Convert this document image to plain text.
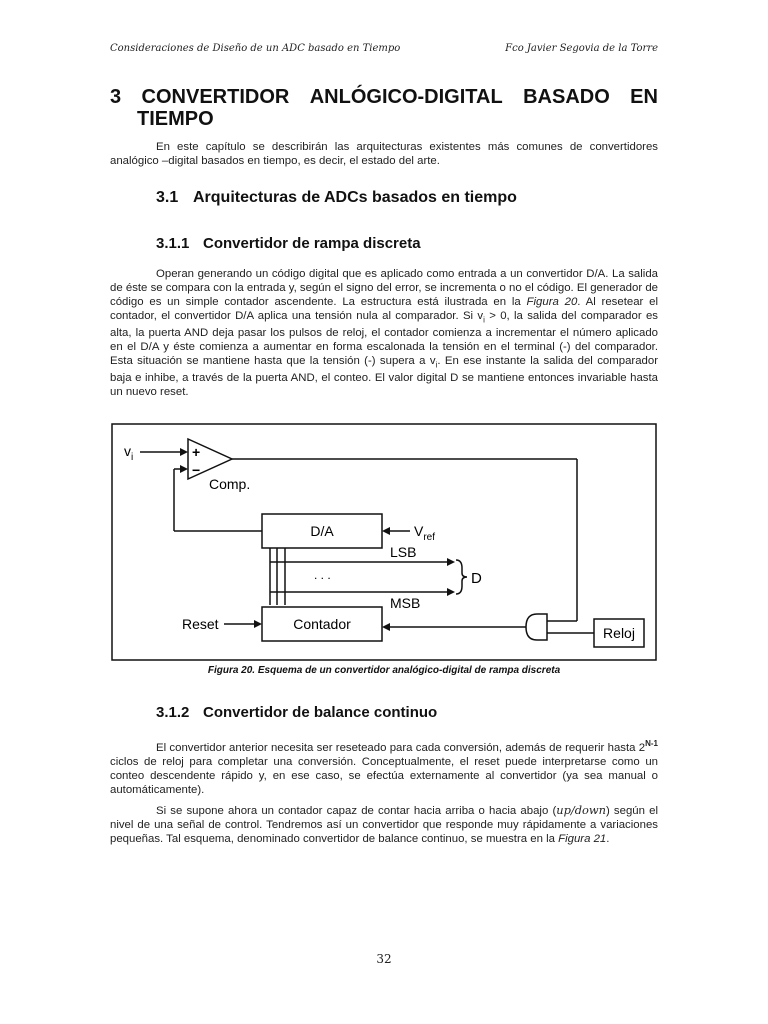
Consideraciones de Diseño de un ADC basado en Tiempo	Fco Javier Segovia de la Torre
3 CONVERTIDOR ANLÓGICO-DIGITAL BASADO EN
TIEMPO

En este capítulo se describirán las arquitecturas existentes más comunes de convertidores analógico –digital basados en tiempo, es decir, el estado del arte.

3.1 Arquitecturas de ADCs basados en tiempo
3.1.1 Convertidor de rampa discreta

Operan generando un código digital que es aplicado como entrada a un convertidor D/A. La salida de éste se compara con la entrada y, según el signo del error, se incrementa o no el código. El generador de código es un simple contador ascendente. La estructura está ilustrada en la Figura 20. Al resetear el contador, el convertidor D/A aplica una tensión nula al comparador. Si $v_i > 0$, la salida del comparador es alta, la puerta AND deja pasar los pulsos de reloj, el contador comienza a incrementar el número aplicado en el D/A y éste comienza a aumentar en forma escalonada la tensión en el terminal (-) del comparador. Esta situación se mantiene hasta que la tensión (-) supera a $v_i$. En ese instante la salida del comparador baja e inhibe, a través de la puerta AND, el conteo. El valor digital D se mantiene entonces invariable hasta un nuevo reset.

$v_i$	+
−
Comp.
D/A	$V_{ref}$
LSB
. . .
MSB
D
Contador
Reset
Reloj
Figura 20. Esquema de un convertidor analógico-digital de rampa discreta
3.1.2 Convertidor de balance continuo

El convertidor anterior necesita ser reseteado para cada conversión, además de requerir hasta $2^{N-1}$ ciclos de reloj para completar una conversión. Conceptualmente, el reset puede interpretarse como un conteo descendente rápido y, en ese caso, se efectúa externamente al convertidor (ya sea manual o automáticamente).

Si se supone ahora un contador capaz de contar hacia arriba o hacia abajo (up/down) según el nivel de una señal de control. Tendremos así un convertidor que responde muy rápidamente a variaciones pequeñas. Tal esquema, denominado convertidor de balance continuo, se muestra en la Figura 21.

32
